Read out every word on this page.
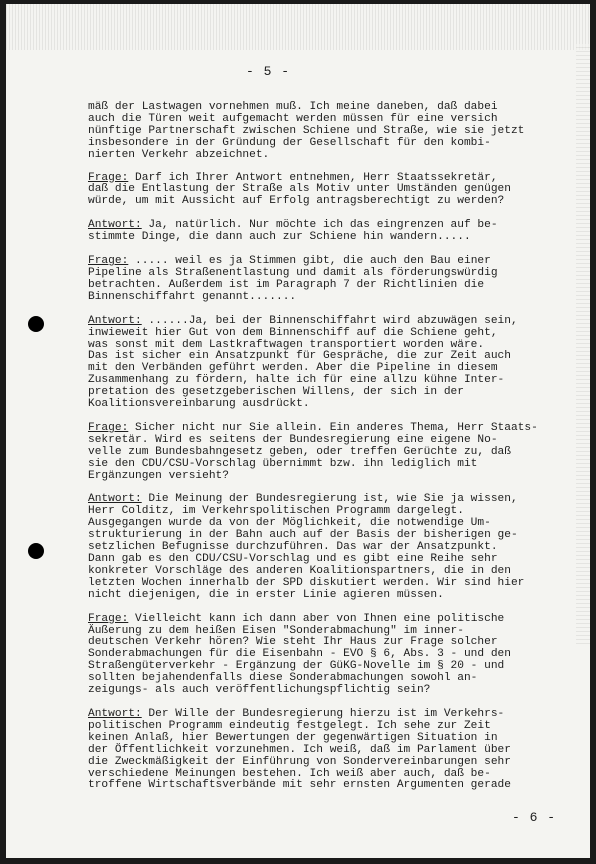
- 5 -
mäß der Lastwagen vornehmen muß. Ich meine daneben, daß dabei
auch die Türen weit aufgemacht werden müssen für eine versich
nünftige Partnerschaft zwischen Schiene und Straße, wie sie jetzt
insbesondere in der Gründung der Gesellschaft für den kombi-
nierten Verkehr abzeichnet.
Frage: Darf ich Ihrer Antwort entnehmen, Herr Staatssekretär,
daß die Entlastung der Straße als Motiv unter Umständen genügen
würde, um mit Aussicht auf Erfolg antragsberechtigt zu werden?
Antwort: Ja, natürlich. Nur möchte ich das eingrenzen auf be-
stimmte Dinge, die dann auch zur Schiene hin wandern.....
Frage: ..... weil es ja Stimmen gibt, die auch den Bau einer
Pipeline als Straßenentlastung und damit als förderungswürdig
betrachten. Außerdem ist im Paragraph 7 der Richtlinien die
Binnenschiffahrt genannt.......
Antwort: ......Ja, bei der Binnenschiffahrt wird abzuwägen sein,
inwieweit hier Gut von dem Binnenschiff auf die Schiene geht,
was sonst mit dem Lastkraftwagen transportiert worden wäre.
Das ist sicher ein Ansatzpunkt für Gespräche, die zur Zeit auch
mit den Verbänden geführt werden. Aber die Pipeline in diesem
Zusammenhang zu fördern, halte ich für eine allzu kühne Inter-
pretation des gesetzgeberischen Willens, der sich in der
Koalitionsvereinbarung ausdrückt.
Frage: Sicher nicht nur Sie allein. Ein anderes Thema, Herr Staats-
sekretär. Wird es seitens der Bundesregierung eine eigene No-
velle zum Bundesbahngesetz geben, oder treffen Gerüchte zu, daß
sie den CDU/CSU-Vorschlag übernimmt bzw. ihn lediglich mit
Ergänzungen versieht?
Antwort: Die Meinung der Bundesregierung ist, wie Sie ja wissen,
Herr Colditz, im Verkehrspolitischen Programm dargelegt.
Ausgegangen wurde da von der Möglichkeit, die notwendige Um-
strukturierung in der Bahn auch auf der Basis der bisherigen ge-
setzlichen Befugnisse durchzuführen. Das war der Ansatzpunkt.
Dann gab es den CDU/CSU-Vorschlag und es gibt eine Reihe sehr
konkreter Vorschläge des anderen Koalitionspartners, die in den
letzten Wochen innerhalb der SPD diskutiert werden. Wir sind hier
nicht diejenigen, die in erster Linie agieren müssen.
Frage: Vielleicht kann ich dann aber von Ihnen eine politische
Äußerung zu dem heißen Eisen "Sonderabmachung" im inner-
deutschen Verkehr hören? Wie steht Ihr Haus zur Frage solcher
Sonderabmachungen für die Eisenbahn - EVO § 6, Abs. 3 - und den
Straßengüterverkehr - Ergänzung der GüKG-Novelle im § 20 - und
sollten bejahendenfalls diese Sonderabmachungen sowohl an-
zeigungs- als auch veröffentlichungspflichtig sein?
Antwort: Der Wille der Bundesregierung hierzu ist im Verkehrs-
politischen Programm eindeutig festgelegt. Ich sehe zur Zeit
keinen Anlaß, hier Bewertungen der gegenwärtigen Situation in
der Öffentlichkeit vorzunehmen. Ich weiß, daß im Parlament über
die Zweckmäßigkeit der Einführung von Sondervereinbarungen sehr
verschiedene Meinungen bestehen. Ich weiß aber auch, daß be-
troffene Wirtschaftsverbände mit sehr ernsten Argumenten gerade
- 6 -
